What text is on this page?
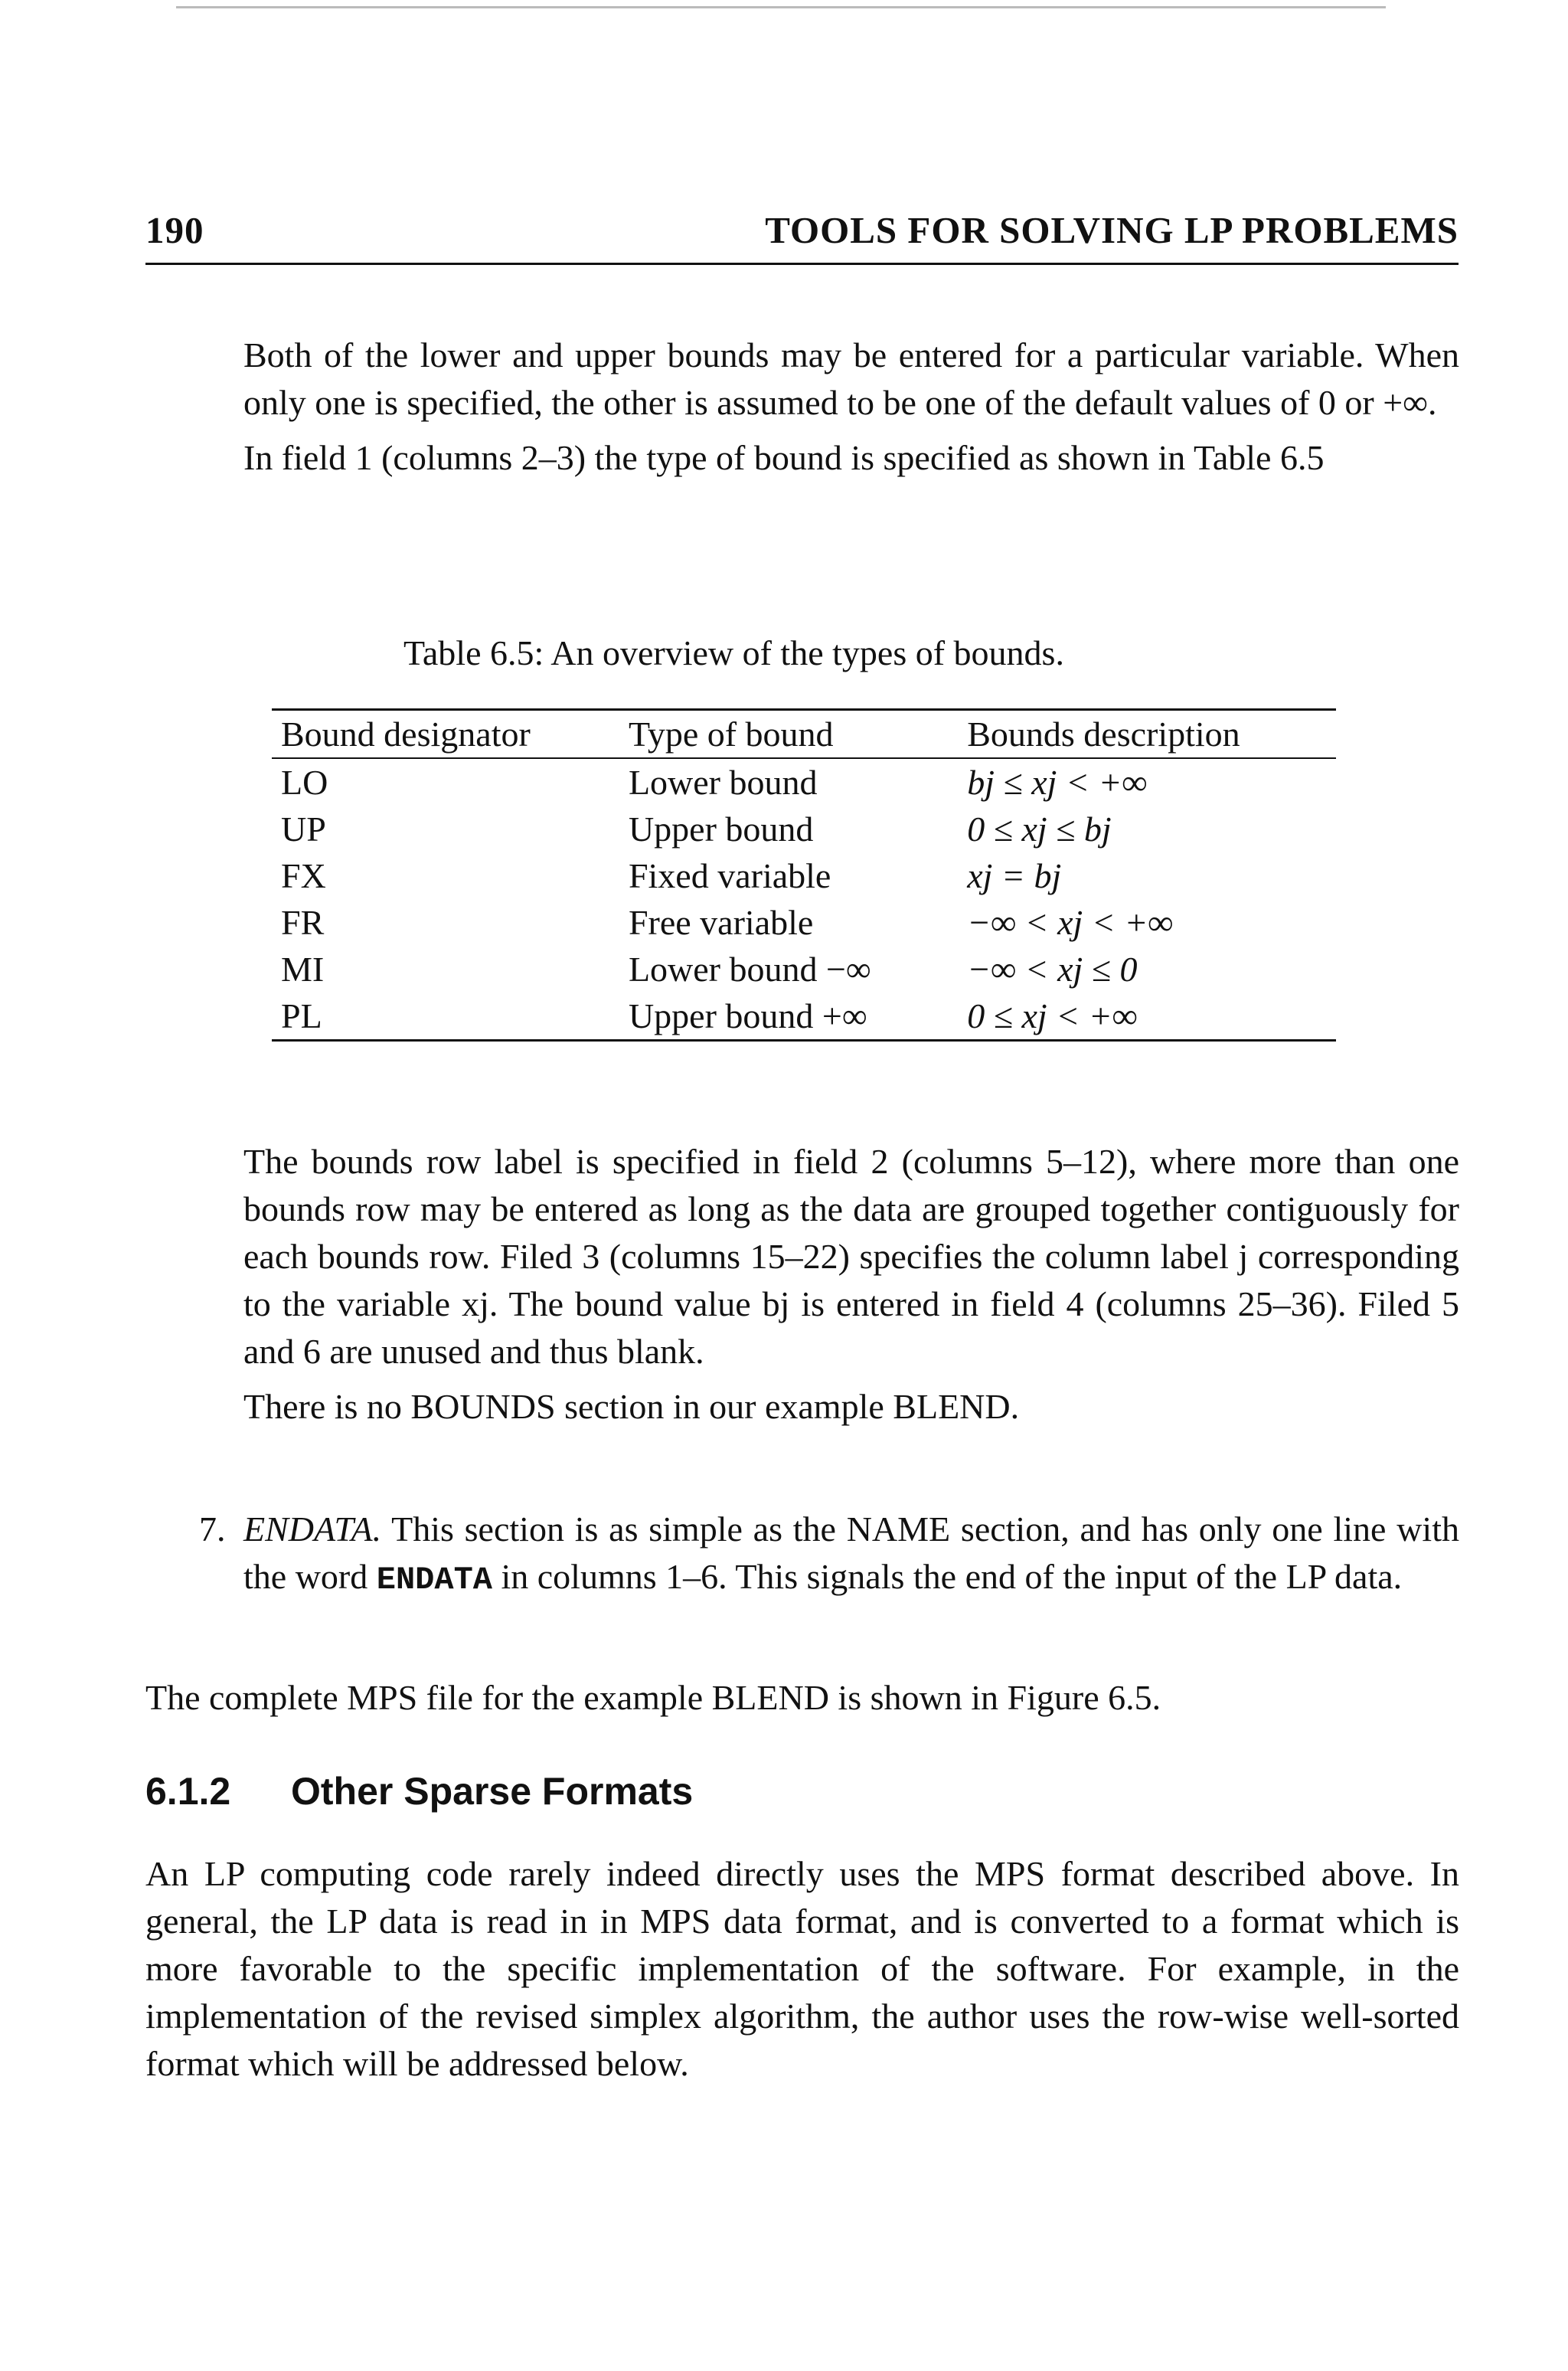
190	TOOLS FOR SOLVING LP PROBLEMS

Both of the lower and upper bounds may be entered for a particular variable. When only one is specified, the other is assumed to be one of the default values of 0 or +∞.

In field 1 (columns 2–3) the type of bound is specified as shown in Table 6.5

Table 6.5: An overview of the types of bounds.
Bound designator	Type of bound	Bounds description
LO	Lower bound	bj ≤ xj < +∞
UP	Upper bound	0 ≤ xj ≤ bj
FX	Fixed variable	xj = bj
FR	Free variable	−∞ < xj < +∞
MI	Lower bound −∞	−∞ < xj ≤ 0
PL	Upper bound +∞	0 ≤ xj < +∞

The bounds row label is specified in field 2 (columns 5–12), where more than one bounds row may be entered as long as the data are grouped together contiguously for each bounds row. Filed 3 (columns 15–22) specifies the column label j corresponding to the variable xj. The bound value bj is entered in field 4 (columns 25–36). Filed 5 and 6 are unused and thus blank.

There is no BOUNDS section in our example BLEND.

7. ENDATA. This section is as simple as the NAME section, and has only one line with the word ENDATA in columns 1–6. This signals the end of the input of the LP data.
The complete MPS file for the example BLEND is shown in Figure 6.5.
6.1.2 Other Sparse Formats
An LP computing code rarely indeed directly uses the MPS format described above. In general, the LP data is read in in MPS data format, and is converted to a format which is more favorable to the specific implementation of the software. For example, in the implementation of the revised simplex algorithm, the author uses the row-wise well-sorted format which will be addressed below.
